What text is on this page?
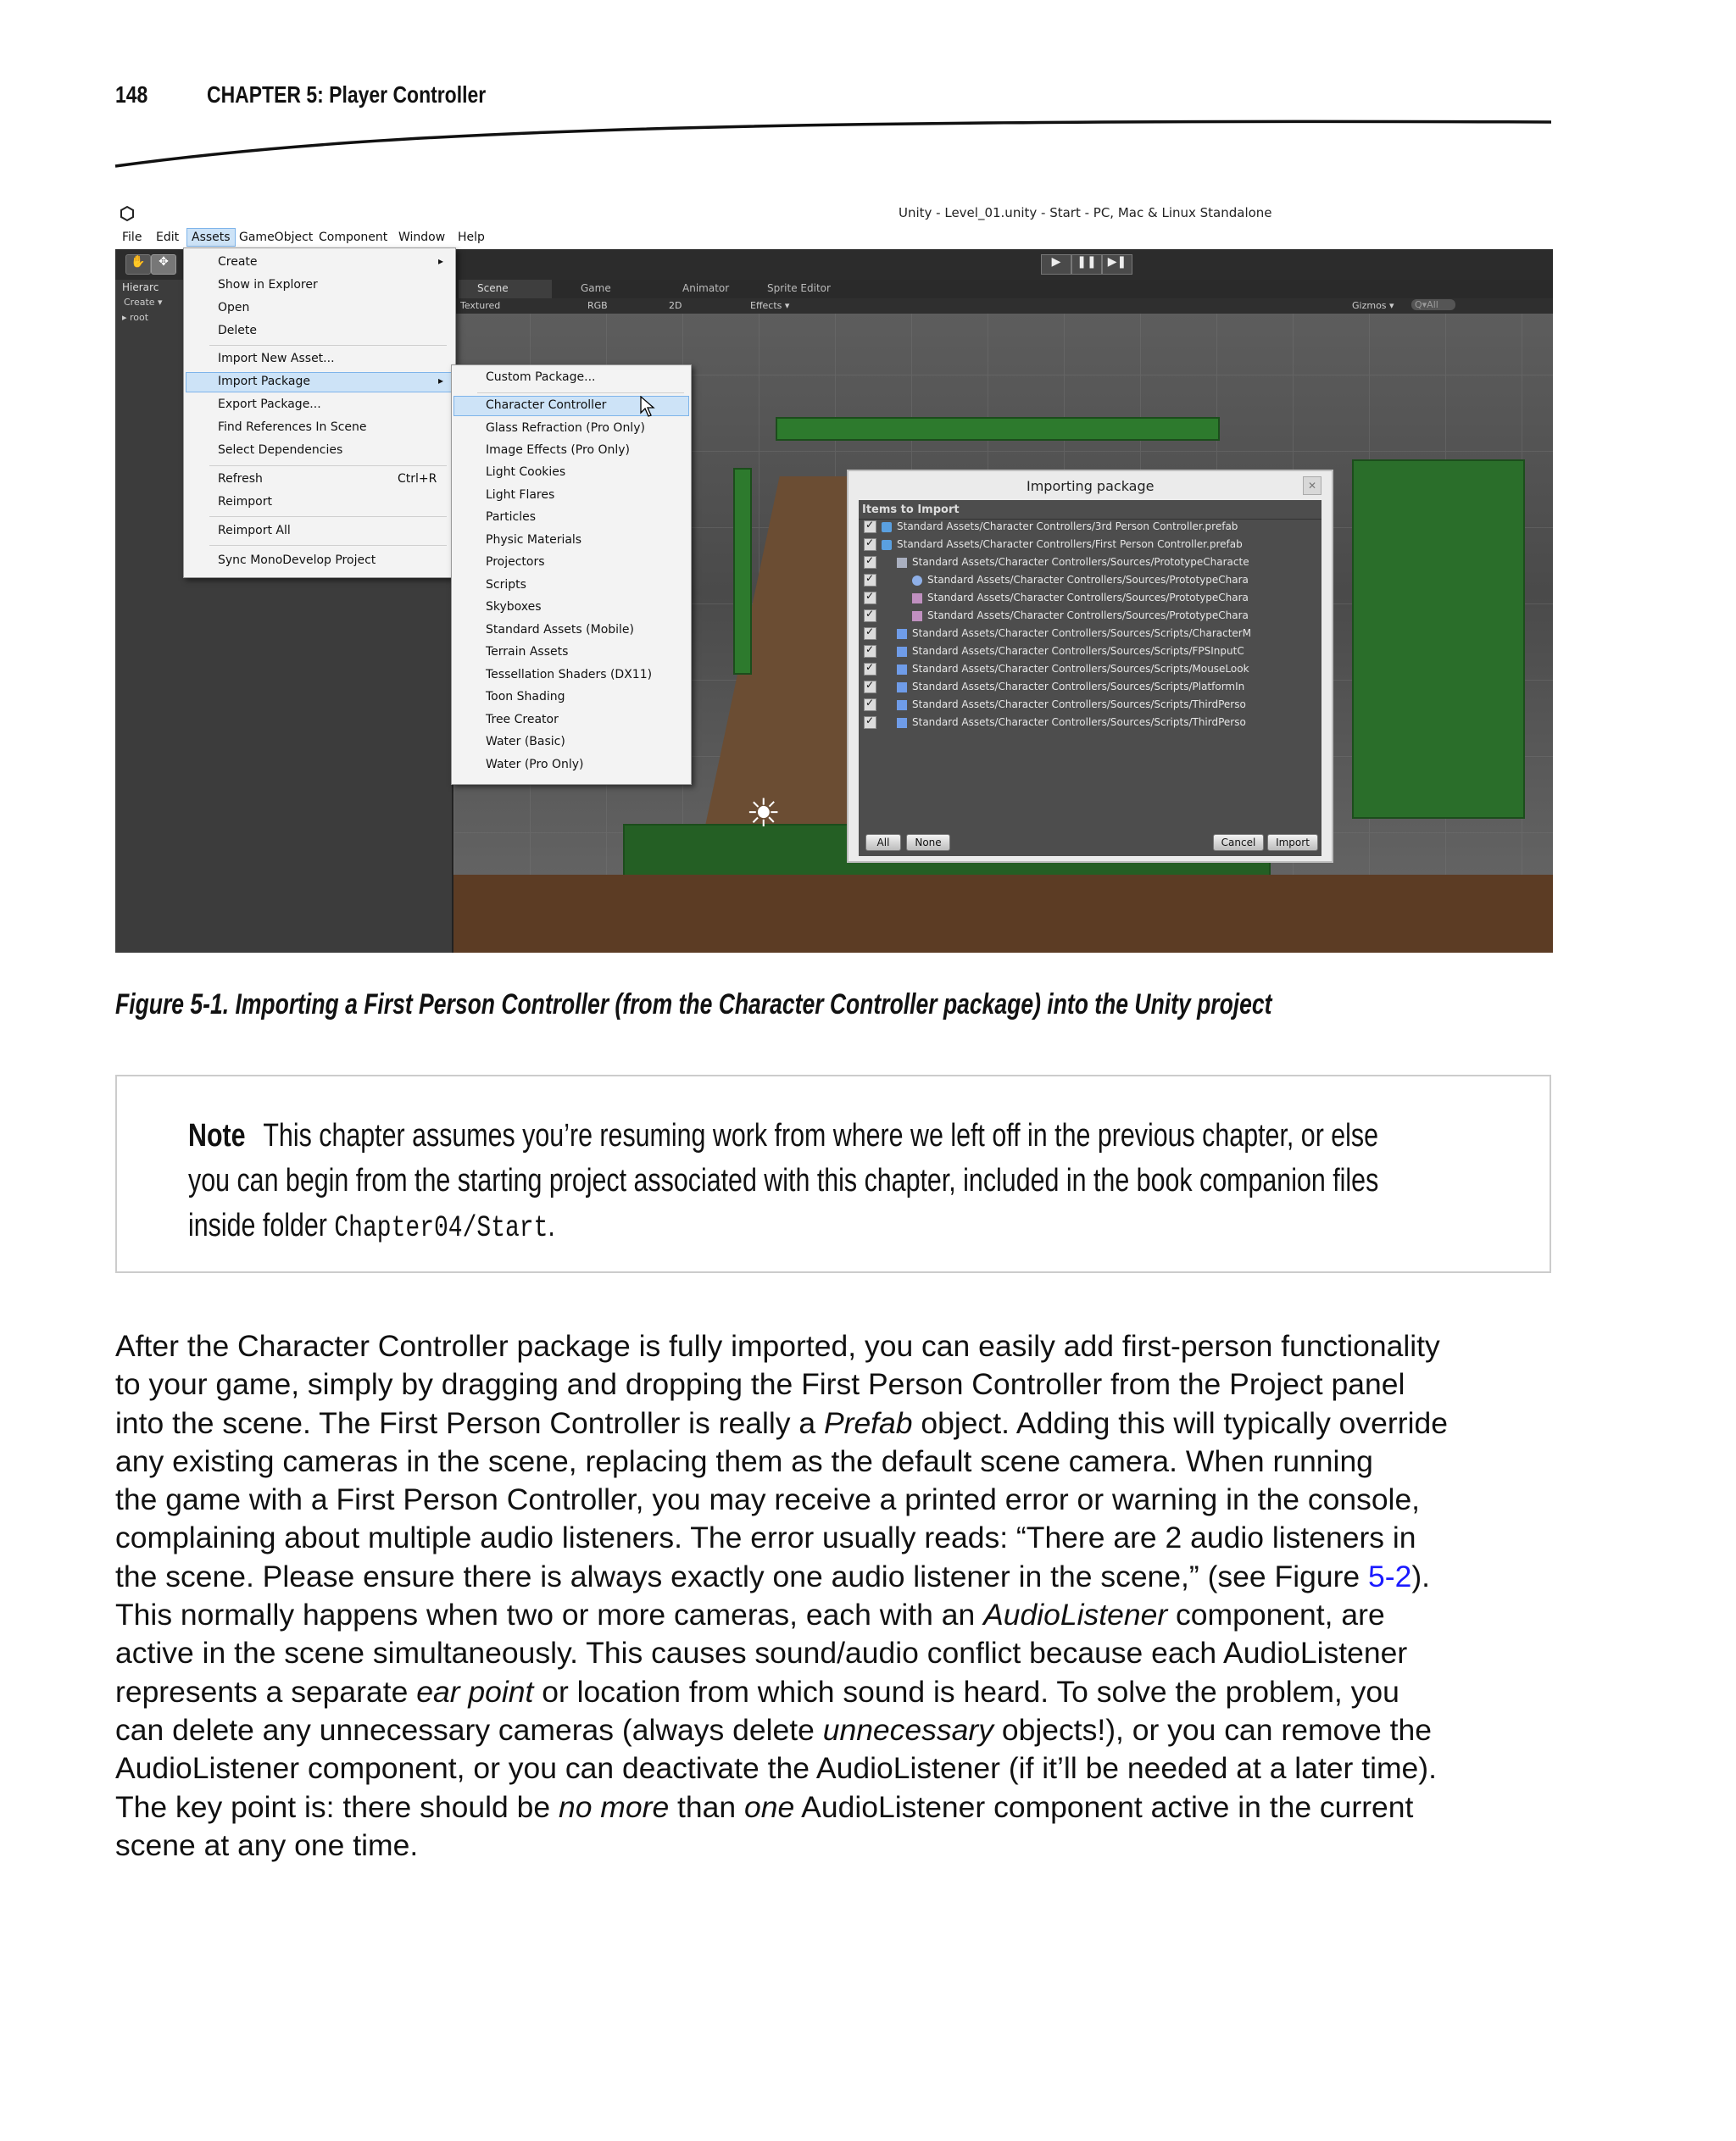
148 CHAPTER 5: Player Controller
Unity - Level_01.unity - Start - PC, Mac & Linux Standalone
File Edit	Assets GameObject Component Window Help
✋	✥	▶	❚❚ ▶❚
Hierarc
Create ▾
▸ root
Scene	Game	Animator	Sprite Editor
Textured	RGB	2D	Effects ▾	Gizmos ▾	Q▾All
☀
Create	▸
Show in Explorer
Open
Delete
Import New Asset...
Import Package	▸
Export Package...
Find References In Scene
Select Dependencies
Refresh	Ctrl+R
Reimport
Reimport All
Sync MonoDevelop Project
Custom Package...
Character Controller
Glass Refraction (Pro Only)
Image Effects (Pro Only)
Light Cookies
Light Flares
Particles
Physic Materials
Projectors
Scripts
Skyboxes
Standard Assets (Mobile)
Terrain Assets
Tessellation Shaders (DX11)
Toon Shading
Tree Creator
Water (Basic)
Water (Pro Only)
Importing package	✕
Items to Import
✓Standard Assets/Character Controllers/3rd Person Controller.prefab
✓Standard Assets/Character Controllers/First Person Controller.prefab
✓Standard Assets/Character Controllers/Sources/PrototypeCharacte
✓Standard Assets/Character Controllers/Sources/PrototypeChara
✓Standard Assets/Character Controllers/Sources/PrototypeChara
✓Standard Assets/Character Controllers/Sources/PrototypeChara
✓Standard Assets/Character Controllers/Sources/Scripts/CharacterM
✓Standard Assets/Character Controllers/Sources/Scripts/FPSInputC
✓Standard Assets/Character Controllers/Sources/Scripts/MouseLook
✓Standard Assets/Character Controllers/Sources/Scripts/PlatformIn
✓Standard Assets/Character Controllers/Sources/Scripts/ThirdPerso
✓Standard Assets/Character Controllers/Sources/Scripts/ThirdPerso
All	None	Cancel	Import
Figure 5-1. Importing a First Person Controller (from the Character Controller package) into the Unity project

Note This chapter assumes you’re resuming work from where we left off in the previous chapter, or else

you can begin from the starting project associated with this chapter, included in the book companion files

inside folder Chapter04/Start.

After the Character Controller package is fully imported, you can easily add first-person functionality

to your game, simply by dragging and dropping the First Person Controller from the Project panel

into the scene. The First Person Controller is really a Prefab object. Adding this will typically override

any existing cameras in the scene, replacing them as the default scene camera. When running

the game with a First Person Controller, you may receive a printed error or warning in the console,

complaining about multiple audio listeners. The error usually reads: “There are 2 audio listeners in

the scene. Please ensure there is always exactly one audio listener in the scene,” (see Figure 5-2).

This normally happens when two or more cameras, each with an AudioListener component, are

active in the scene simultaneously. This causes sound/audio conflict because each AudioListener

represents a separate ear point or location from which sound is heard. To solve the problem, you

can delete any unnecessary cameras (always delete unnecessary objects!), or you can remove the

AudioListener component, or you can deactivate the AudioListener (if it’ll be needed at a later time).

The key point is: there should be no more than one AudioListener component active in the current

scene at any one time.
